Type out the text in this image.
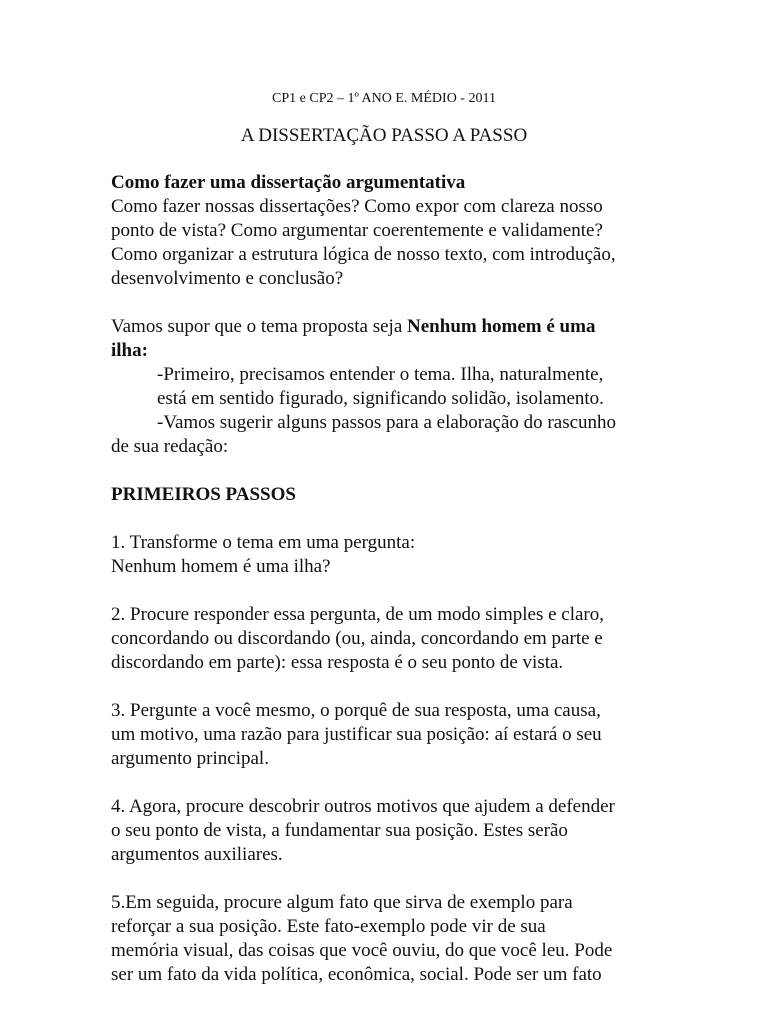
CP1 e CP2 – 1º ANO E. MÉDIO - 2011
A DISSERTAÇÃO PASSO A PASSO

Como fazer uma dissertação argumentativa

Como fazer nossas dissertações? Como expor com clareza nosso

ponto de vista? Como argumentar coerentemente e validamente?

Como organizar a estrutura lógica de nosso texto, com introdução,

desenvolvimento e conclusão?

Vamos supor que o tema proposta seja Nenhum homem é uma

ilha:

-Primeiro, precisamos entender o tema. Ilha, naturalmente,

está em sentido figurado, significando solidão, isolamento.

-Vamos sugerir alguns passos para a elaboração do rascunho

de sua redação:

PRIMEIROS PASSOS

1. Transforme o tema em uma pergunta:

Nenhum homem é uma ilha?

2. Procure responder essa pergunta, de um modo simples e claro,

concordando ou discordando (ou, ainda, concordando em parte e

discordando em parte): essa resposta é o seu ponto de vista.

3. Pergunte a você mesmo, o porquê de sua resposta, uma causa,

um motivo, uma razão para justificar sua posição: aí estará o seu

argumento principal.

4. Agora, procure descobrir outros motivos que ajudem a defender

o seu ponto de vista, a fundamentar sua posição. Estes serão

argumentos auxiliares.

5.Em seguida, procure algum fato que sirva de exemplo para

reforçar a sua posição. Este fato-exemplo pode vir de sua

memória visual, das coisas que você ouviu, do que você leu. Pode

ser um fato da vida política, econômica, social. Pode ser um fato
